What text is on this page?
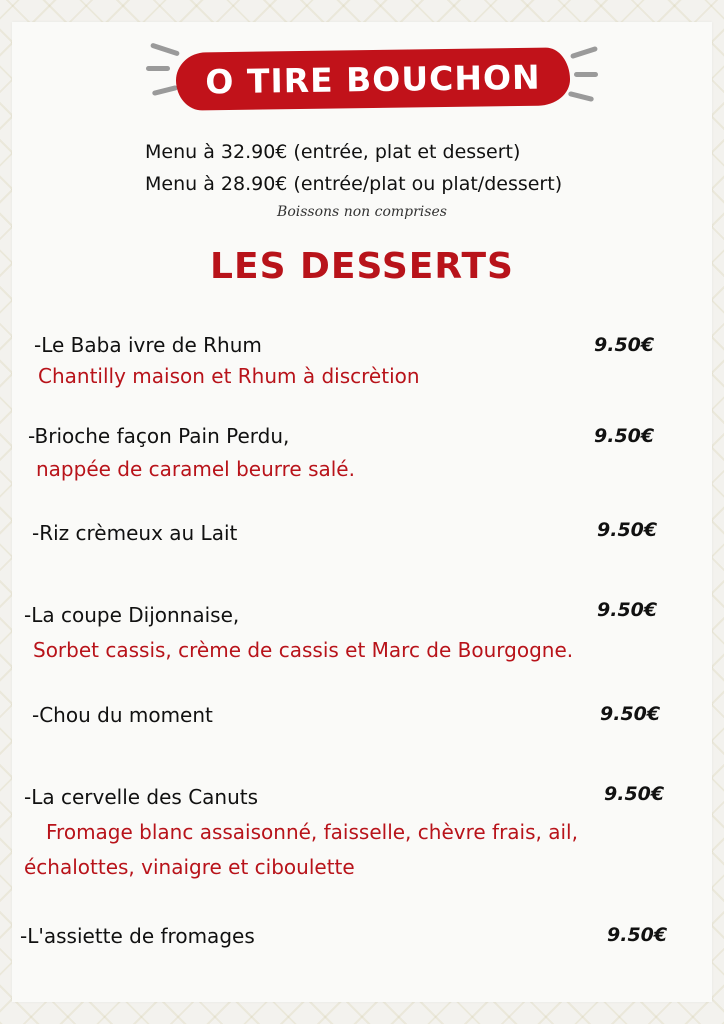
O TIRE BOUCHON
Menu à 32.90€ (entrée, plat et dessert)
Menu à 28.90€ (entrée/plat ou plat/dessert)
Boissons non comprises
LES DESSERTS
-Le Baba ivre de Rhum	9.50€
Chantilly maison et Rhum à discrètion
-Brioche façon Pain Perdu,	9.50€
nappée de caramel beurre salé.
-Riz crèmeux au Lait	9.50€
-La coupe Dijonnaise,	9.50€
Sorbet cassis, crème de cassis et Marc de Bourgogne.
-Chou du moment	9.50€
-La cervelle des Canuts	9.50€
Fromage blanc assaisonné, faisselle, chèvre frais, ail,
échalottes, vinaigre et ciboulette
-L'assiette de fromages	9.50€
